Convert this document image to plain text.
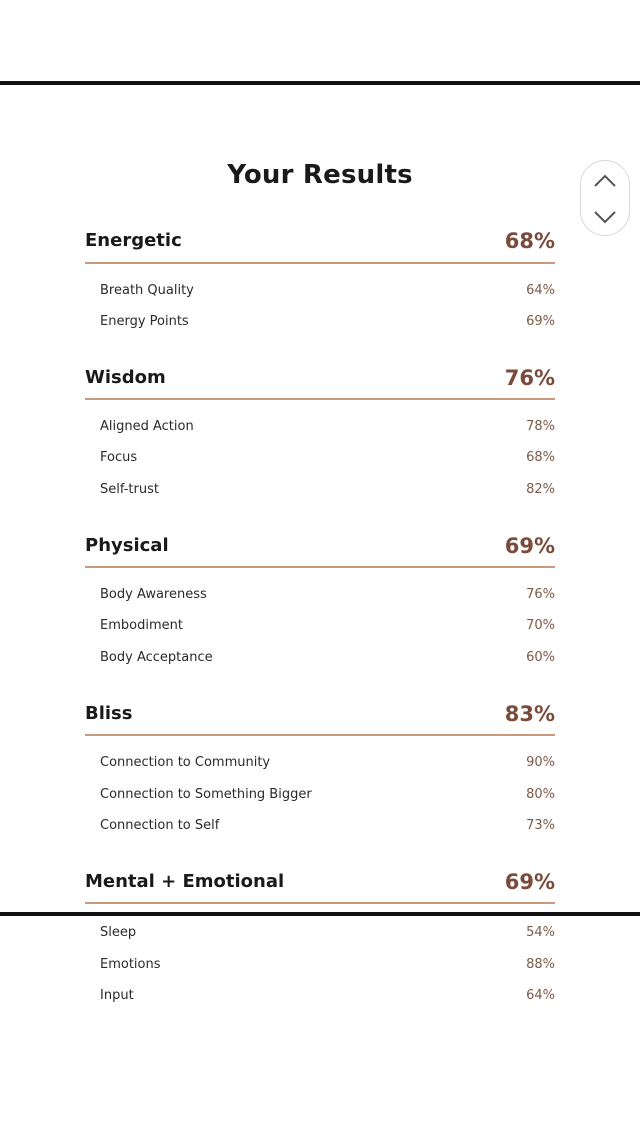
Your Results
Energetic	68%
Breath Quality	64%
Energy Points	69%
Wisdom	76%
Aligned Action	78%
Focus	68%
Self-trust	82%
Physical	69%
Body Awareness	76%
Embodiment	70%
Body Acceptance	60%
Bliss	83%
Connection to Community	90%
Connection to Something Bigger	80%
Connection to Self	73%
Mental + Emotional	69%
Sleep	54%
Emotions	88%
Input	64%
